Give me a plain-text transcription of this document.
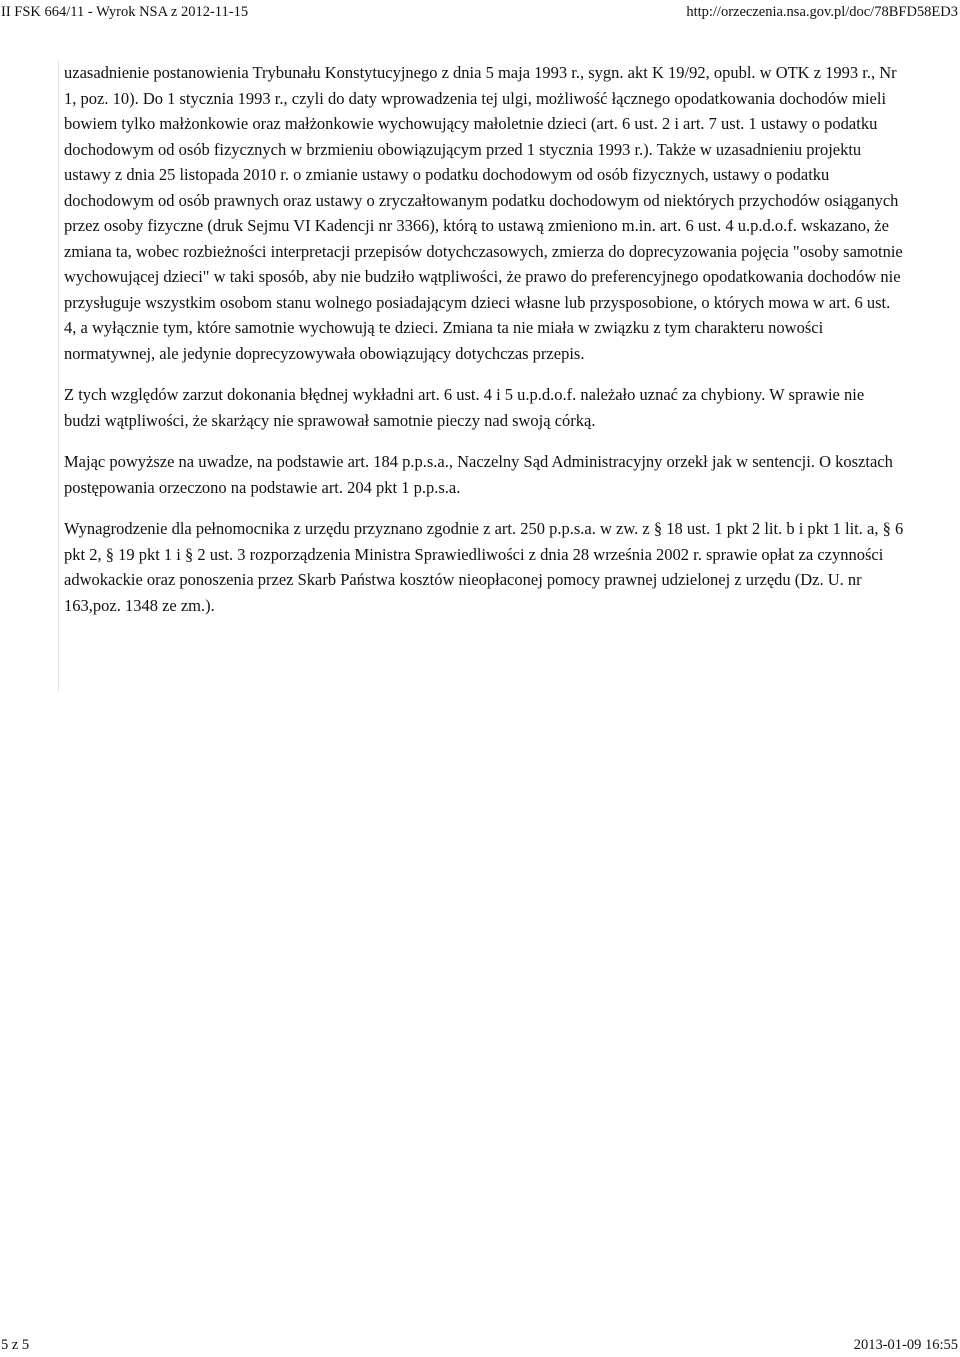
II FSK 664/11 - Wyrok NSA z 2012-11-15	http://orzeczenia.nsa.gov.pl/doc/78BFD58ED3

uzasadnienie postanowienia Trybunału Konstytucyjnego z dnia 5 maja 1993 r., sygn. akt K 19/92, opubl. w OTK z 1993 r., Nr 1, poz. 10). Do 1 stycznia 1993 r., czyli do daty wprowadzenia tej ulgi, możliwość łącznego opodatkowania dochodów mieli bowiem tylko małżonkowie oraz małżonkowie wychowujący małoletnie dzieci (art. 6 ust. 2 i art. 7 ust. 1 ustawy o podatku dochodowym od osób fizycznych w brzmieniu obowiązującym przed 1 stycznia 1993 r.). Także w uzasadnieniu projektu ustawy z dnia 25 listopada 2010 r. o zmianie ustawy o podatku dochodowym od osób fizycznych, ustawy o podatku dochodowym od osób prawnych oraz ustawy o zryczałtowanym podatku dochodowym od niektórych przychodów osiąganych przez osoby fizyczne (druk Sejmu VI Kadencji nr 3366), którą to ustawą zmieniono m.in. art. 6 ust. 4 u.p.d.o.f. wskazano, że zmiana ta, wobec rozbieżności interpretacji przepisów dotychczasowych, zmierza do doprecyzowania pojęcia "osoby samotnie wychowującej dzieci" w taki sposób, aby nie budziło wątpliwości, że prawo do preferencyjnego opodatkowania dochodów nie przysługuje wszystkim osobom stanu wolnego posiadającym dzieci własne lub przysposobione, o których mowa w art. 6 ust. 4, a wyłącznie tym, które samotnie wychowują te dzieci. Zmiana ta nie miała w związku z tym charakteru nowości normatywnej, ale jedynie doprecyzowywała obowiązujący dotychczas przepis.

Z tych względów zarzut dokonania błędnej wykładni art. 6 ust. 4 i 5 u.p.d.o.f. należało uznać za chybiony. W sprawie nie budzi wątpliwości, że skarżący nie sprawował samotnie pieczy nad swoją córką.

Mając powyższe na uwadze, na podstawie art. 184 p.p.s.a., Naczelny Sąd Administracyjny orzekł jak w sentencji. O kosztach postępowania orzeczono na podstawie art. 204 pkt 1 p.p.s.a.

Wynagrodzenie dla pełnomocnika z urzędu przyznano zgodnie z art. 250 p.p.s.a. w zw. z § 18 ust. 1 pkt 2 lit. b i pkt 1 lit. a, § 6 pkt 2, § 19 pkt 1 i § 2 ust. 3 rozporządzenia Ministra Sprawiedliwości z dnia 28 września 2002 r. sprawie opłat za czynności adwokackie oraz ponoszenia przez Skarb Państwa kosztów nieopłaconej pomocy prawnej udzielonej z urzędu (Dz. U. nr 163,poz. 1348 ze zm.).

5 z 5	2013-01-09 16:55
